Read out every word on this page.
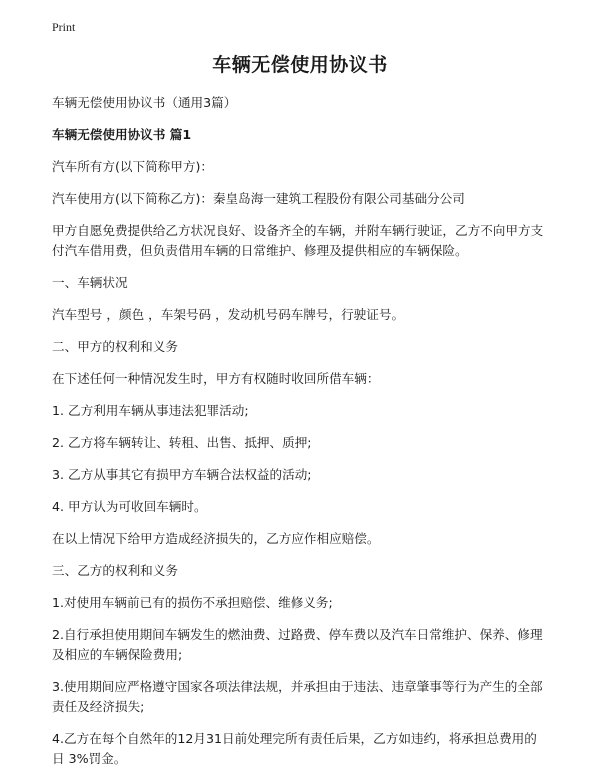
Print
车辆无偿使用协议书

车辆无偿使用协议书（通用3篇）

车辆无偿使用协议书 篇1

汽车所有方(以下简称甲方)：

汽车使用方(以下简称乙方)：秦皇岛海一建筑工程股份有限公司基础分公司

甲方自愿免费提供给乙方状况良好、设备齐全的车辆，并附车辆行驶证，乙方不向甲方支付汽车借用费，但负责借用车辆的日常维护、修理及提供相应的车辆保险。

一、车辆状况

汽车型号 ，颜色 ，车架号码 ，发动机号码车牌号，行驶证号。

二、甲方的权利和义务

在下述任何一种情况发生时，甲方有权随时收回所借车辆：

1. 乙方利用车辆从事违法犯罪活动;

2. 乙方将车辆转让、转租、出售、抵押、质押;

3. 乙方从事其它有损甲方车辆合法权益的活动;

4. 甲方认为可收回车辆时。

在以上情况下给甲方造成经济损失的，乙方应作相应赔偿。

三、乙方的权利和义务

1.对使用车辆前已有的损伤不承担赔偿、维修义务;

2.自行承担使用期间车辆发生的燃油费、过路费、停车费以及汽车日常维护、保养、修理及相应的车辆保险费用;

3.使用期间应严格遵守国家各项法律法规，并承担由于违法、违章肇事等行为产生的全部责任及经济损失;

4.乙方在每个自然年的12月31日前处理完所有责任后果，乙方如违约，将承担总费用的日 3%罚金。
